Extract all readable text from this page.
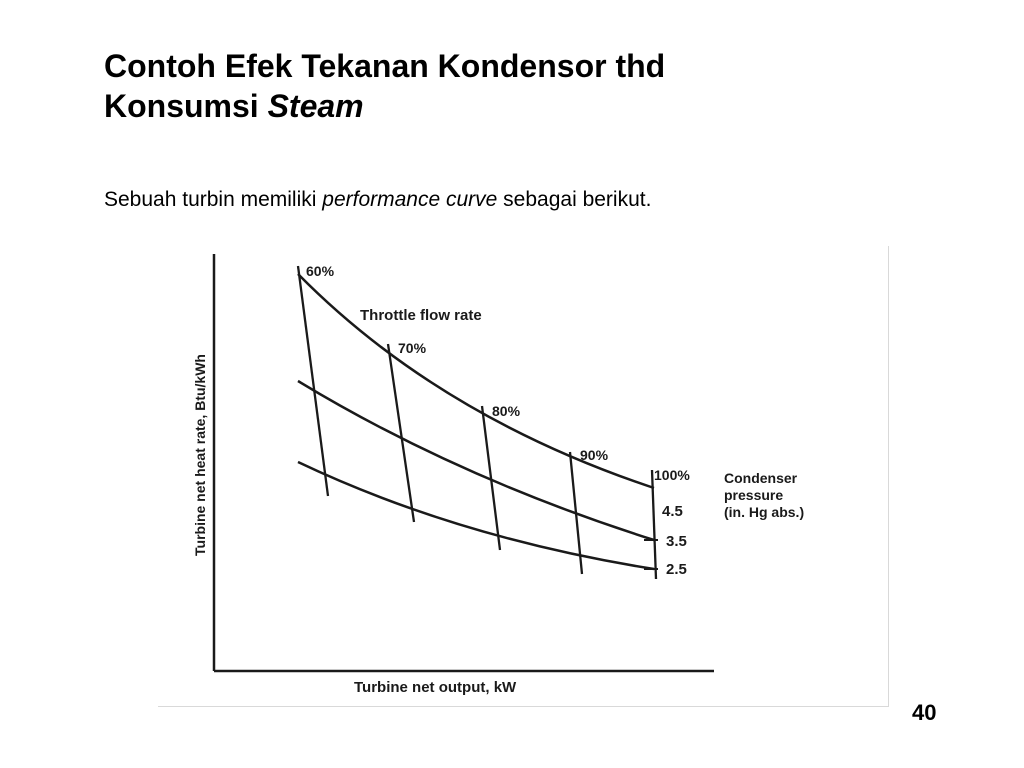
Contoh Efek Tekanan Kondensor thd
Konsumsi Steam
Sebuah turbin memiliki performance curve sebagai berikut.
60%
70%
80%
90%
100%
Throttle flow rate
4.5
3.5
2.5
Condenser
pressure
(in. Hg abs.)
Turbine net output, kW
Turbine net heat rate, Btu/kWh
40
